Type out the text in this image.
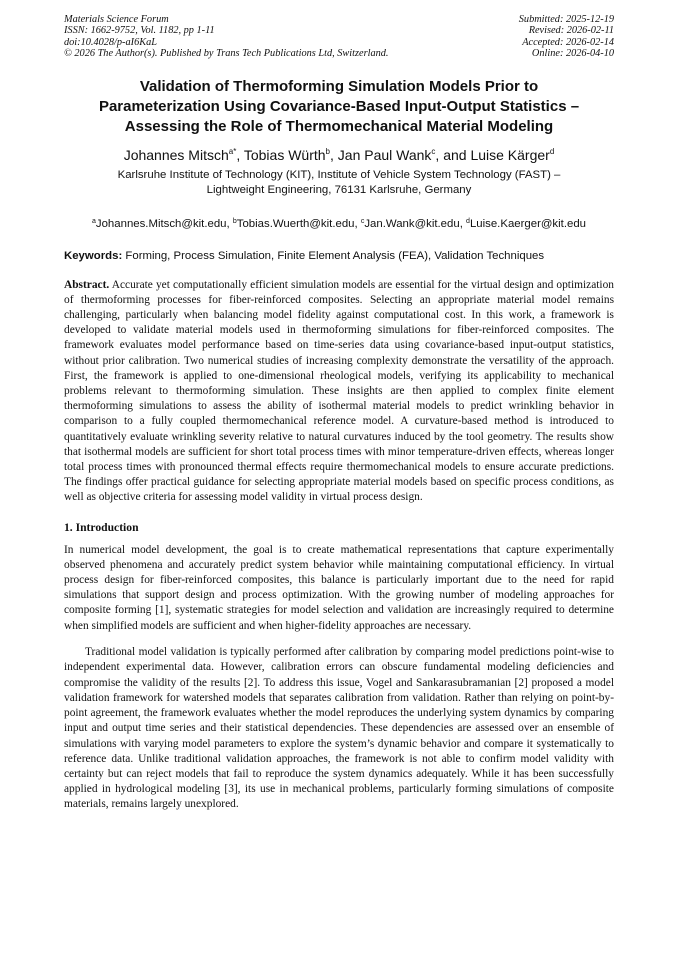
Materials Science Forum
ISSN: 1662-9752, Vol. 1182, pp 1-11
doi:10.4028/p-aI6KaL
© 2026 The Author(s). Published by Trans Tech Publications Ltd, Switzerland.
Submitted: 2025-12-19
Revised: 2026-02-11
Accepted: 2026-02-14
Online: 2026-04-10
Validation of Thermoforming Simulation Models Prior to
Parameterization Using Covariance-Based Input-Output Statistics –
Assessing the Role of Thermomechanical Material Modeling
Johannes Mitsch$^{a*}$, Tobias Würth$^b$, Jan Paul Wank$^c$, and Luise Kärger$^d$
Karlsruhe Institute of Technology (KIT), Institute of Vehicle System Technology (FAST) –
Lightweight Engineering, 76131 Karlsruhe, Germany
$^a$Johannes.Mitsch@kit.edu, $^b$Tobias.Wuerth@kit.edu, $^c$Jan.Wank@kit.edu, $^d$Luise.Kaerger@kit.edu
Keywords: Forming, Process Simulation, Finite Element Analysis (FEA), Validation Techniques

Abstract. Accurate yet computationally efficient simulation models are essential for the virtual design and optimization of thermoforming processes for fiber-reinforced composites. Selecting an appropriate material model remains challenging, particularly when balancing model fidelity against computational cost. In this work, a framework is developed to validate material models used in thermoforming simulations for fiber-reinforced composites. The framework evaluates model performance based on time-series data using covariance-based input-output statistics, without prior calibration. Two numerical studies of increasing complexity demonstrate the versatility of the approach. First, the framework is applied to one-dimensional rheological models, verifying its applicability to mechanical problems relevant to thermoforming simulation. These insights are then applied to complex finite element thermoforming simulations to assess the ability of isothermal material models to predict wrinkling behavior in comparison to a fully coupled thermomechanical reference model. A curvature-based method is introduced to quantitatively evaluate wrinkling severity relative to natural curvatures induced by the tool geometry. The results show that isothermal models are sufficient for short total process times with minor temperature-driven effects, whereas longer total process times with pronounced thermal effects require thermomechanical models to ensure accurate predictions. The findings offer practical guidance for selecting appropriate material models based on specific process conditions, as well as objective criteria for assessing model validity in virtual process design.

1. Introduction

In numerical model development, the goal is to create mathematical representations that capture experimentally observed phenomena and accurately predict system behavior while maintaining computational efficiency. In virtual process design for fiber-reinforced composites, this balance is particularly important due to the need for rapid simulations that support design and process optimization. With the growing number of modeling approaches for composite forming [1], systematic strategies for model selection and validation are increasingly required to determine when simplified models are sufficient and when higher-fidelity approaches are necessary.

Traditional model validation is typically performed after calibration by comparing model predictions point-wise to independent experimental data. However, calibration errors can obscure fundamental modeling deficiencies and compromise the validity of the results [2]. To address this issue, Vogel and Sankarasubramanian [2] proposed a model validation framework for watershed models that separates calibration from validation. Rather than relying on point-by-point agreement, the framework evaluates whether the model reproduces the underlying system dynamics by comparing input and output time series and their statistical dependencies. These dependencies are assessed over an ensemble of simulations with varying model parameters to explore the system’s dynamic behavior and compare it systematically to reference data. Unlike traditional validation approaches, the framework is not able to confirm model validity with certainty but can reject models that fail to reproduce the system dynamics adequately. While it has been successfully applied in hydrological modeling [3], its use in mechanical problems, particularly forming simulations of composite materials, remains largely unexplored.
